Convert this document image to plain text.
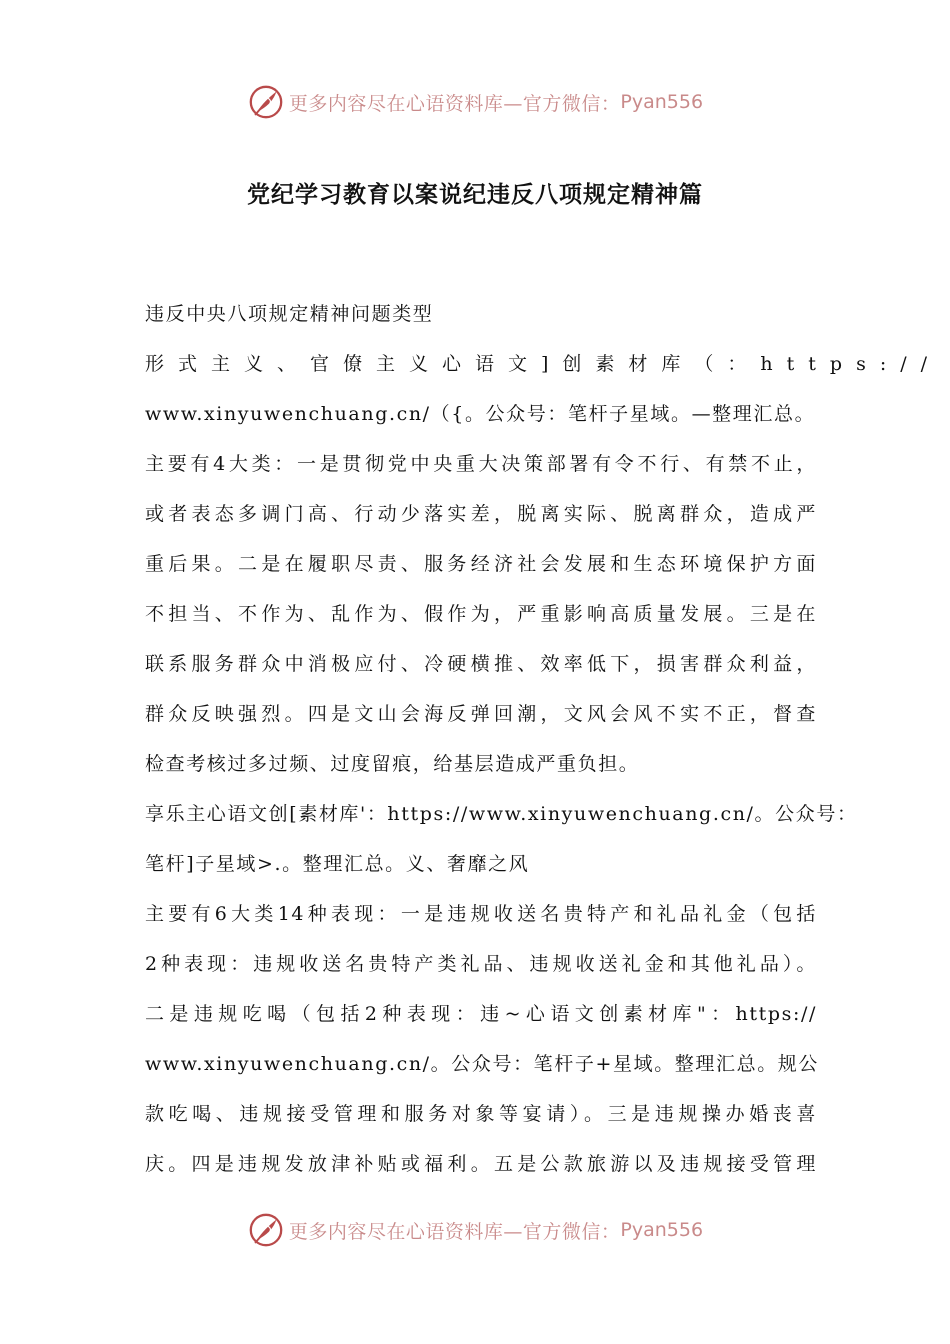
更多内容尽在心语资料库—官方微信： Pyan556
党纪学习教育以案说纪违反八项规定精神篇
违反中央八项规定精神问题类型
形式主义、官僚主义心语文]创素材库（：https://
www.xinyuwenchuang.cn/（{。公众号：笔杆子星域。—整理汇总。
主要有4大类：一是贯彻党中央重大决策部署有令不行、有禁不止，
或者表态多调门高、行动少落实差，脱离实际、脱离群众，造成严
重后果。二是在履职尽责、服务经济社会发展和生态环境保护方面
不担当、不作为、乱作为、假作为，严重影响高质量发展。三是在
联系服务群众中消极应付、冷硬横推、效率低下，损害群众利益，
群众反映强烈。四是文山会海反弹回潮，文风会风不实不正，督查
检查考核过多过频、过度留痕，给基层造成严重负担。
享乐主心语文创[素材库'：https://www.xinyuwenchuang.cn/。公众号：
笔杆]子星域>.。整理汇总。义、奢靡之风
主要有6大类14种表现：一是违规收送名贵特产和礼品礼金（包括
2种表现：违规收送名贵特产类礼品、违规收送礼金和其他礼品）。
二是违规吃喝（包括2种表现：违~心语文创素材库"：https://
www.xinyuwenchuang.cn/。公众号：笔杆子+星域。整理汇总。规公
款吃喝、违规接受管理和服务对象等宴请）。三是违规操办婚丧喜
庆。四是违规发放津补贴或福利。五是公款旅游以及违规接受管理
更多内容尽在心语资料库—官方微信： Pyan556
